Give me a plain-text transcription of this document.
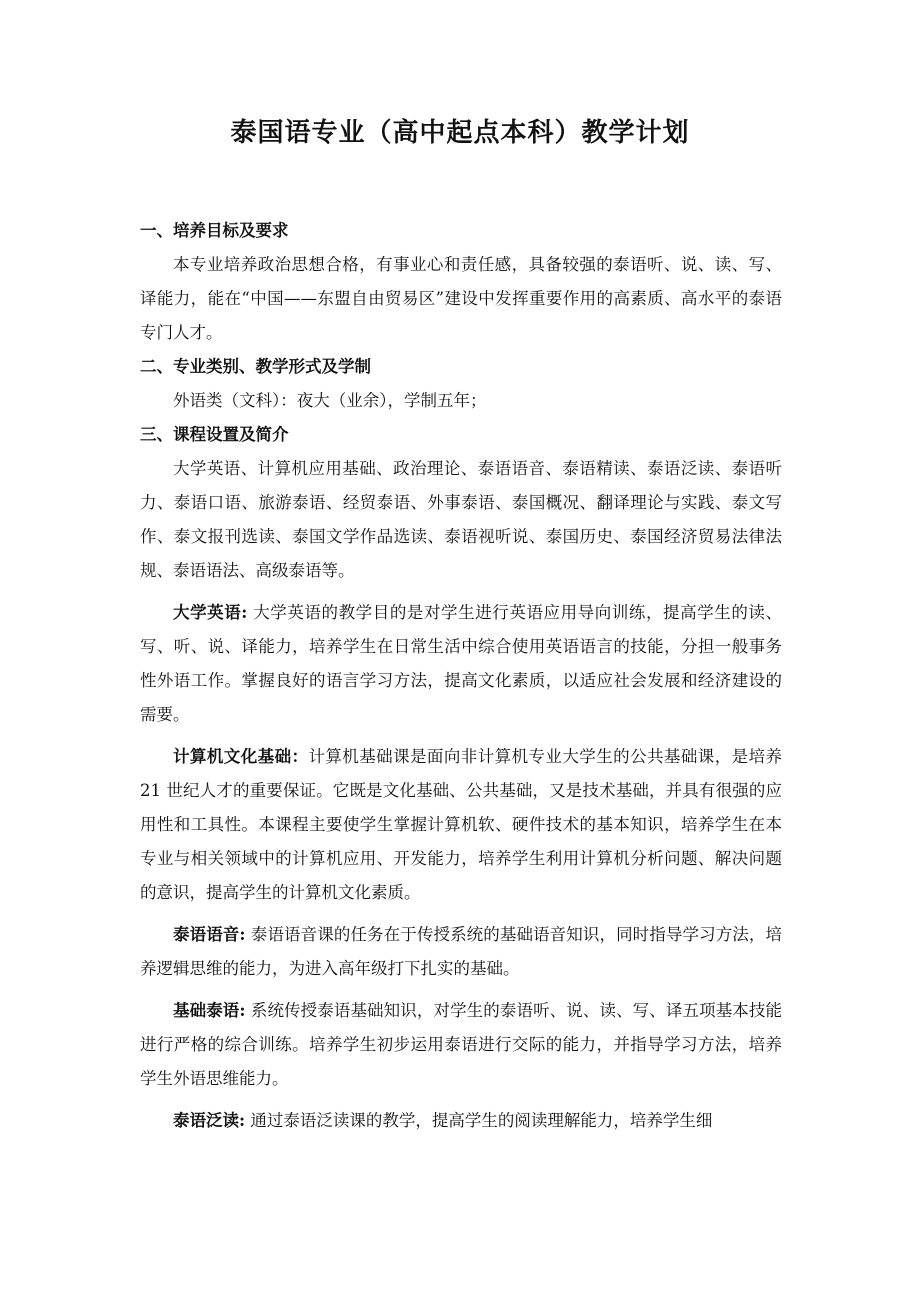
泰国语专业（高中起点本科）教学计划

一、培养目标及要求

本专业培养政治思想合格，有事业心和责任感，具备较强的泰语听、说、读、写、译能力，能在“中国——东盟自由贸易区”建设中发挥重要作用的高素质、高水平的泰语专门人才。

二、专业类别、教学形式及学制

外语类（文科）：夜大（业余），学制五年；

三、课程设置及简介

大学英语、计算机应用基础、政治理论、泰语语音、泰语精读、泰语泛读、泰语听力、泰语口语、旅游泰语、经贸泰语、外事泰语、泰国概况、翻译理论与实践、泰文写作、泰文报刊选读、泰国文学作品选读、泰语视听说、泰国历史、泰国经济贸易法律法规、泰语语法、高级泰语等。

大学英语: 大学英语的教学目的是对学生进行英语应用导向训练，提高学生的读、写、听、说、译能力，培养学生在日常生活中综合使用英语语言的技能，分担一般事务性外语工作。掌握良好的语言学习方法，提高文化素质，以适应社会发展和经济建设的需要。

计算机文化基础：计算机基础课是面向非计算机专业大学生的公共基础课，是培养 21 世纪人才的重要保证。它既是文化基础、公共基础，又是技术基础，并具有很强的应用性和工具性。本课程主要使学生掌握计算机软、硬件技术的基本知识，培养学生在本专业与相关领域中的计算机应用、开发能力，培养学生利用计算机分析问题、解决问题的意识，提高学生的计算机文化素质。

泰语语音: 泰语语音课的任务在于传授系统的基础语音知识，同时指导学习方法，培养逻辑思维的能力，为进入高年级打下扎实的基础。

基础泰语: 系统传授泰语基础知识，对学生的泰语听、说、读、写、译五项基本技能进行严格的综合训练。培养学生初步运用泰语进行交际的能力，并指导学习方法，培养学生外语思维能力。

泰语泛读: 通过泰语泛读课的教学，提高学生的阅读理解能力，培养学生细
